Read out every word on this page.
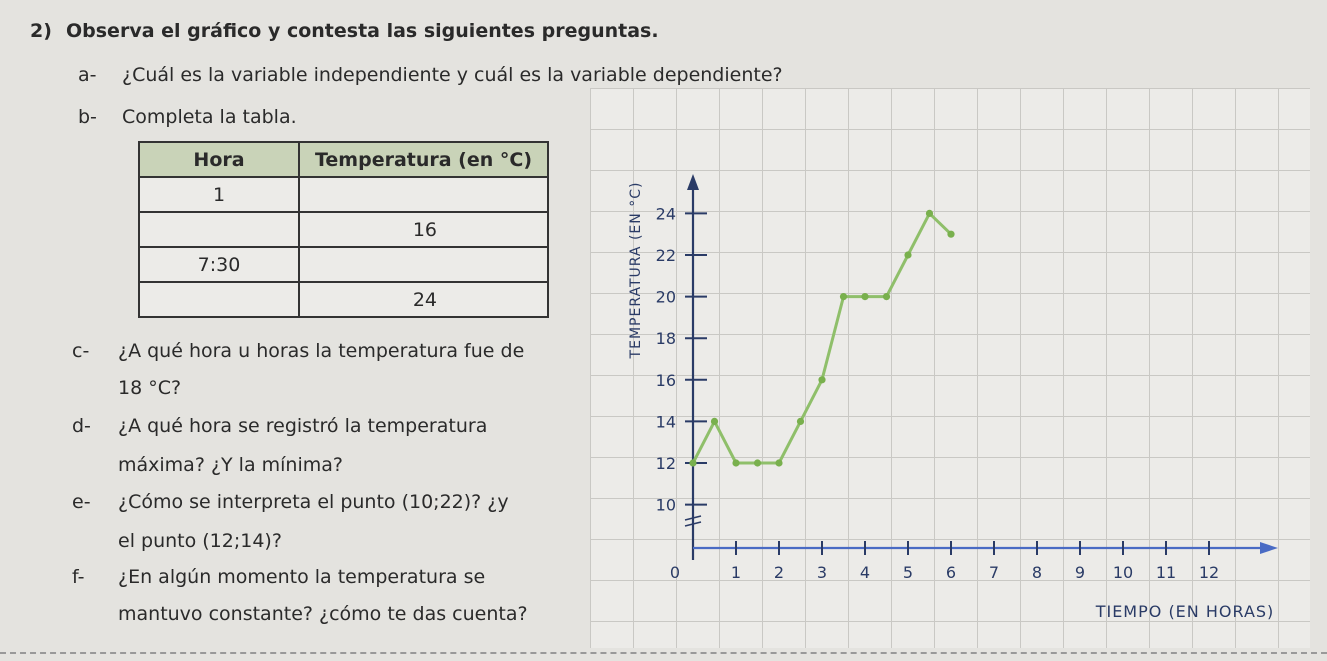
2) Observa el gráfico y contesta las siguientes preguntas.
a- ¿Cuál es la variable independiente y cuál es la variable dependiente?
b- Completa la tabla.
Hora	Temperatura (en °C)
1	
	16
7:30	
	24
c- ¿A qué hora u horas la temperatura fue de
18 °C?
d- ¿A qué hora se registró la temperatura
máxima? ¿Y la mínima?
e- ¿Cómo se interpreta el punto (10;22)? ¿y
el punto (12;14)?
f- ¿En algún momento la temperatura se
mantuvo constante? ¿cómo te das cuenta?
10
12
14
16
18
20
22
24
0	1 2 3 4 5 6 7 8 9 10 11 12
TIEMPO (EN HORAS)
TEMPERATURA (EN °C)
